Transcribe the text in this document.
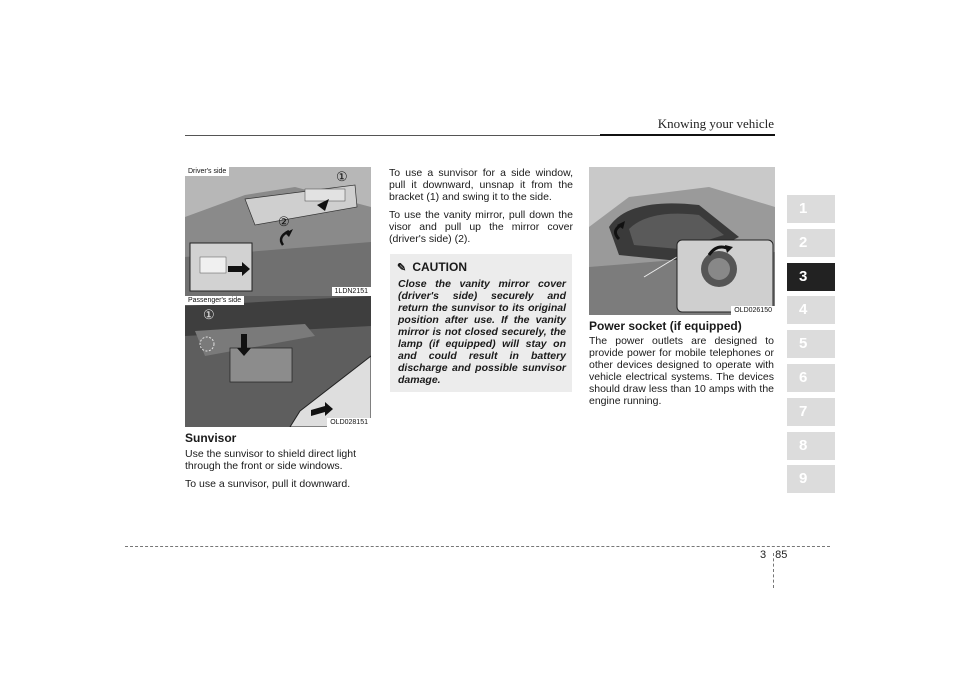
Knowing your vehicle
1
2
3
4
5
6
7
8
9
Driver's side	①
②
1LDN2151
Passenger's side
①
OLD028151
Sunvisor

Use the sunvisor to shield direct light through the front or side windows.

To use a sunvisor, pull it downward.

To use a sunvisor for a side window, pull it downward, unsnap it from the bracket (1) and swing it to the side.

To use the vanity mirror, pull down the visor and pull up the mirror cover (driver's side) (2).

✎ CAUTION
Close the vanity mirror cover (driver's side) securely and return the sunvisor to its original position after use. If the vanity mirror is not closed securely, the lamp (if equipped) will stay on and could result in battery discharge and possible sunvisor damage.
OLD026150
Power socket (if equipped)

The power outlets are designed to provide power for mobile telephones or other devices designed to operate with vehicle electrical systems. The devices should draw less than 10 amps with the engine running.

3 85
